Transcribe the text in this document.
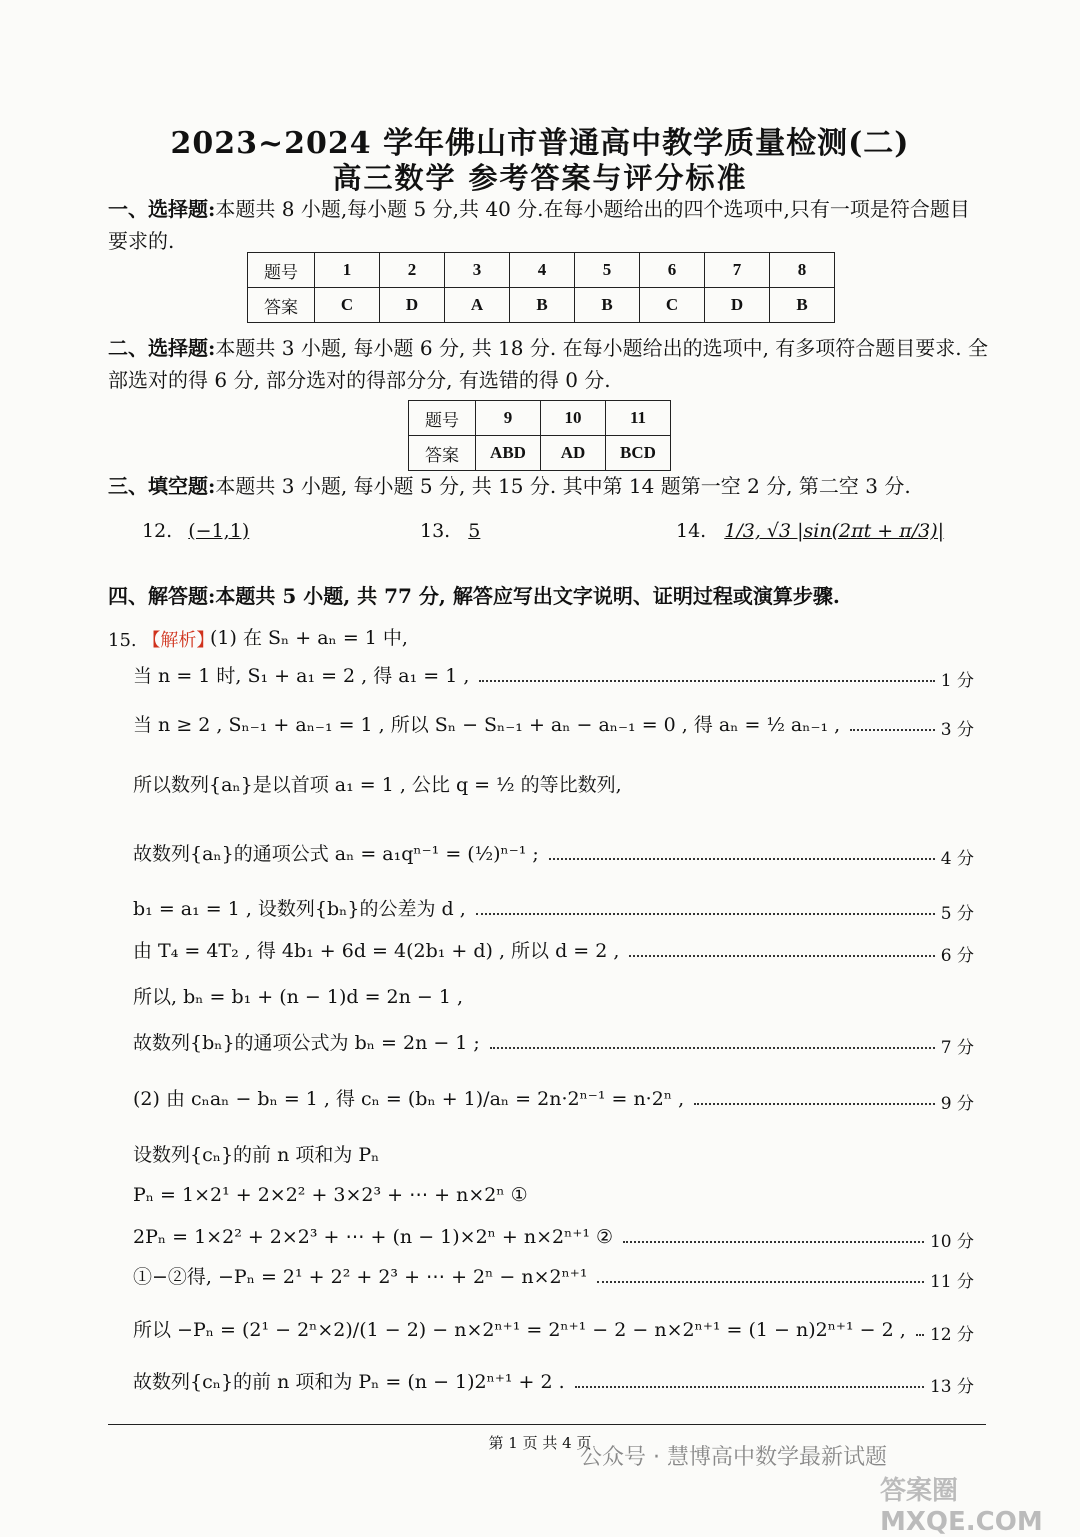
2023~2024 学年佛山市普通高中教学质量检测(二)
高三数学 参考答案与评分标准
一、选择题:本题共 8 小题,每小题 5 分,共 40 分.在每小题给出的四个选项中,只有一项是符合题目要求的.
题号	1	2	3	4	5	6	7	8
答案	C	D	A	B	B	C	D	B
二、选择题:本题共 3 小题, 每小题 6 分, 共 18 分. 在每小题给出的选项中, 有多项符合题目要求. 全部选对的得 6 分, 部分选对的得部分分, 有选错的得 0 分.
题号	9	10	11
答案	ABD	AD	BCD
三、填空题:本题共 3 小题, 每小题 5 分, 共 15 分. 其中第 14 题第一空 2 分, 第二空 3 分.
12. (−1,1)	13. 5	14. 1/3, √3 |sin(2πt + π/3)|
四、解答题:本题共 5 小题, 共 77 分, 解答应写出文字说明、证明过程或演算步骤.
15. 【解析】
(1) 在 Sₙ + aₙ = 1 中,
当 n = 1 时, S₁ + a₁ = 2 , 得 a₁ = 1 ,	1 分
当 n ≥ 2 , Sₙ₋₁ + aₙ₋₁ = 1 , 所以 Sₙ − Sₙ₋₁ + aₙ − aₙ₋₁ = 0 , 得 aₙ = ½ aₙ₋₁ ,	3 分
所以数列{aₙ}是以首项 a₁ = 1 , 公比 q = ½ 的等比数列,
故数列{aₙ}的通项公式 aₙ = a₁qⁿ⁻¹ = (½)ⁿ⁻¹ ;	4 分
b₁ = a₁ = 1 , 设数列{bₙ}的公差为 d ,	5 分
由 T₄ = 4T₂ , 得 4b₁ + 6d = 4(2b₁ + d) , 所以 d = 2 ,	6 分
所以, bₙ = b₁ + (n − 1)d = 2n − 1 ,
故数列{bₙ}的通项公式为 bₙ = 2n − 1 ;	7 分
(2) 由 cₙaₙ − bₙ = 1 , 得 cₙ = (bₙ + 1)/aₙ = 2n·2ⁿ⁻¹ = n·2ⁿ ,	9 分
设数列{cₙ}的前 n 项和为 Pₙ
Pₙ = 1×2¹ + 2×2² + 3×2³ + ⋯ + n×2ⁿ ①
2Pₙ = 1×2² + 2×2³ + ⋯ + (n − 1)×2ⁿ + n×2ⁿ⁺¹ ②	10 分
①−②得, −Pₙ = 2¹ + 2² + 2³ + ⋯ + 2ⁿ − n×2ⁿ⁺¹	11 分
所以 −Pₙ = (2¹ − 2ⁿ×2)/(1 − 2) − n×2ⁿ⁺¹ = 2ⁿ⁺¹ − 2 − n×2ⁿ⁺¹ = (1 − n)2ⁿ⁺¹ − 2 ,	12 分
故数列{cₙ}的前 n 项和为 Pₙ = (n − 1)2ⁿ⁺¹ + 2 .	13 分
第 1 页 共 4 页
公众号 · 慧博高中数学最新试题
答案圈 MXQE.COM
